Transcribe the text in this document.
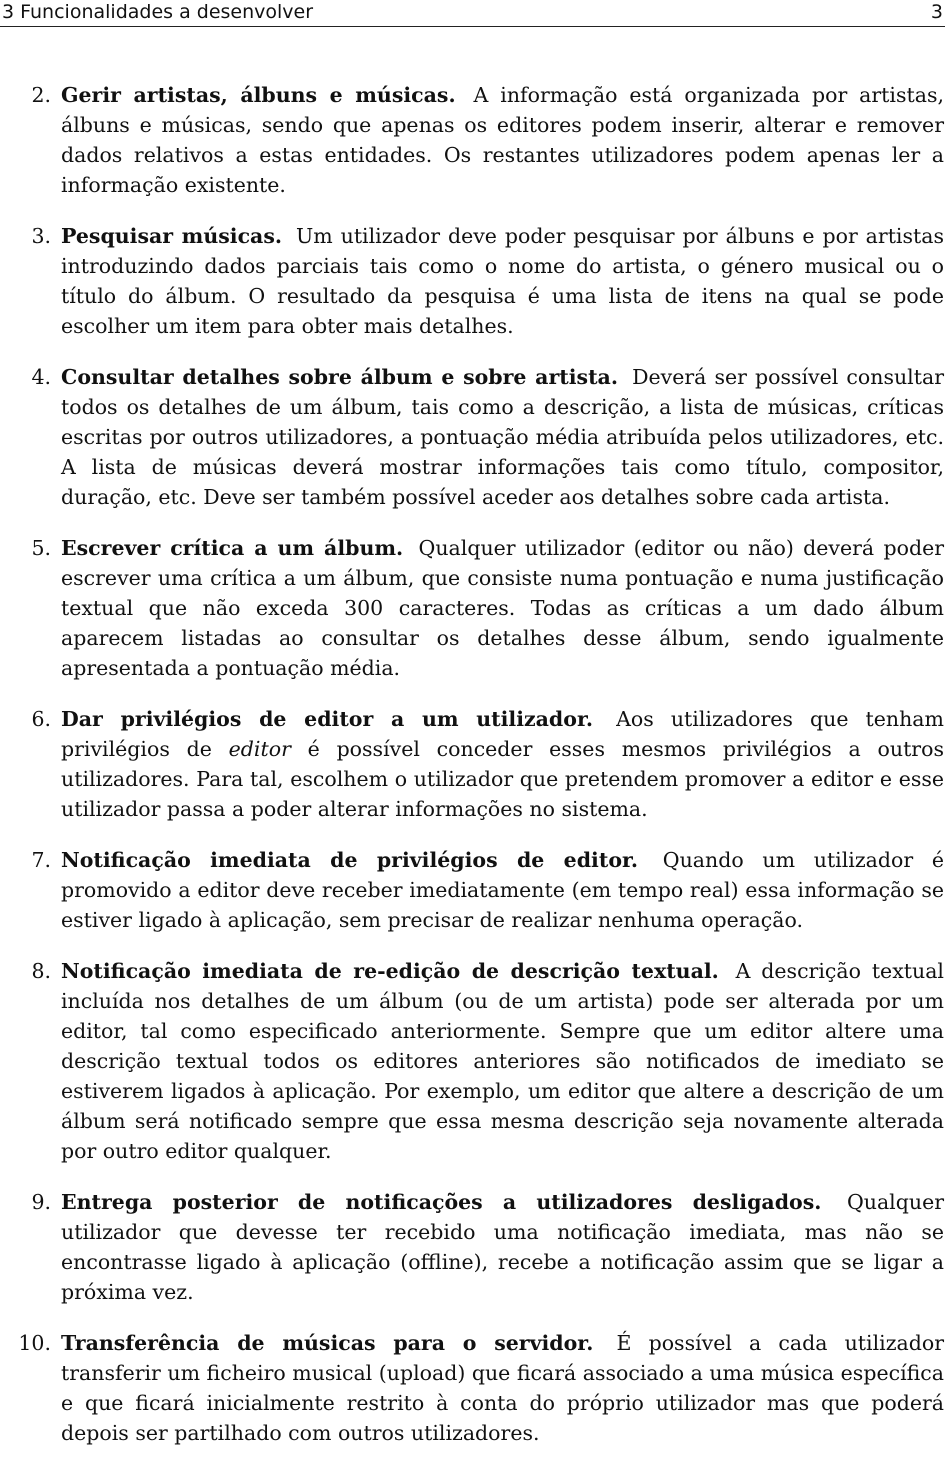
3 Funcionalidades a desenvolver	3
2. Gerir artistas, álbuns e músicas. A informação está organizada por artistas, álbuns e músicas, sendo que apenas os editores podem inserir, alterar e remover dados relativos a estas entidades. Os restantes utilizadores podem apenas ler a informação existente.
3. Pesquisar músicas. Um utilizador deve poder pesquisar por álbuns e por artistas introduzindo dados parciais tais como o nome do artista, o género musical ou o título do álbum. O resultado da pesquisa é uma lista de itens na qual se pode escolher um item para obter mais detalhes.
4. Consultar detalhes sobre álbum e sobre artista. Deverá ser possível consultar todos os detalhes de um álbum, tais como a descrição, a lista de músicas, críticas escritas por outros utilizadores, a pontuação média atribuída pelos utilizadores, etc. A lista de músicas deverá mostrar informações tais como título, compositor, duração, etc. Deve ser também possível aceder aos detalhes sobre cada artista.
5. Escrever crítica a um álbum. Qualquer utilizador (editor ou não) deverá poder escrever uma crítica a um álbum, que consiste numa pontuação e numa justificação textual que não exceda 300 caracteres. Todas as críticas a um dado álbum aparecem listadas ao consultar os detalhes desse álbum, sendo igualmente apresentada a pontuação média.
6. Dar privilégios de editor a um utilizador. Aos utilizadores que tenham privilégios de editor é possível conceder esses mesmos privilégios a outros utilizadores. Para tal, escolhem o utilizador que pretendem promover a editor e esse utilizador passa a poder alterar informações no sistema.
7. Notificação imediata de privilégios de editor. Quando um utilizador é promovido a editor deve receber imediatamente (em tempo real) essa informação se estiver ligado à aplicação, sem precisar de realizar nenhuma operação.
8. Notificação imediata de re-edição de descrição textual. A descrição textual incluída nos detalhes de um álbum (ou de um artista) pode ser alterada por um editor, tal como especificado anteriormente. Sempre que um editor altere uma descrição textual todos os editores anteriores são notificados de imediato se estiverem ligados à aplicação. Por exemplo, um editor que altere a descrição de um álbum será notificado sempre que essa mesma descrição seja novamente alterada por outro editor qualquer.
9. Entrega posterior de notificações a utilizadores desligados. Qualquer utilizador que devesse ter recebido uma notificação imediata, mas não se encontrasse ligado à aplicação (offline), recebe a notificação assim que se ligar a próxima vez.
10. Transferência de músicas para o servidor. É possível a cada utilizador transferir um ficheiro musical (upload) que ficará associado a uma música específica e que ficará inicialmente restrito à conta do próprio utilizador mas que poderá depois ser partilhado com outros utilizadores.
